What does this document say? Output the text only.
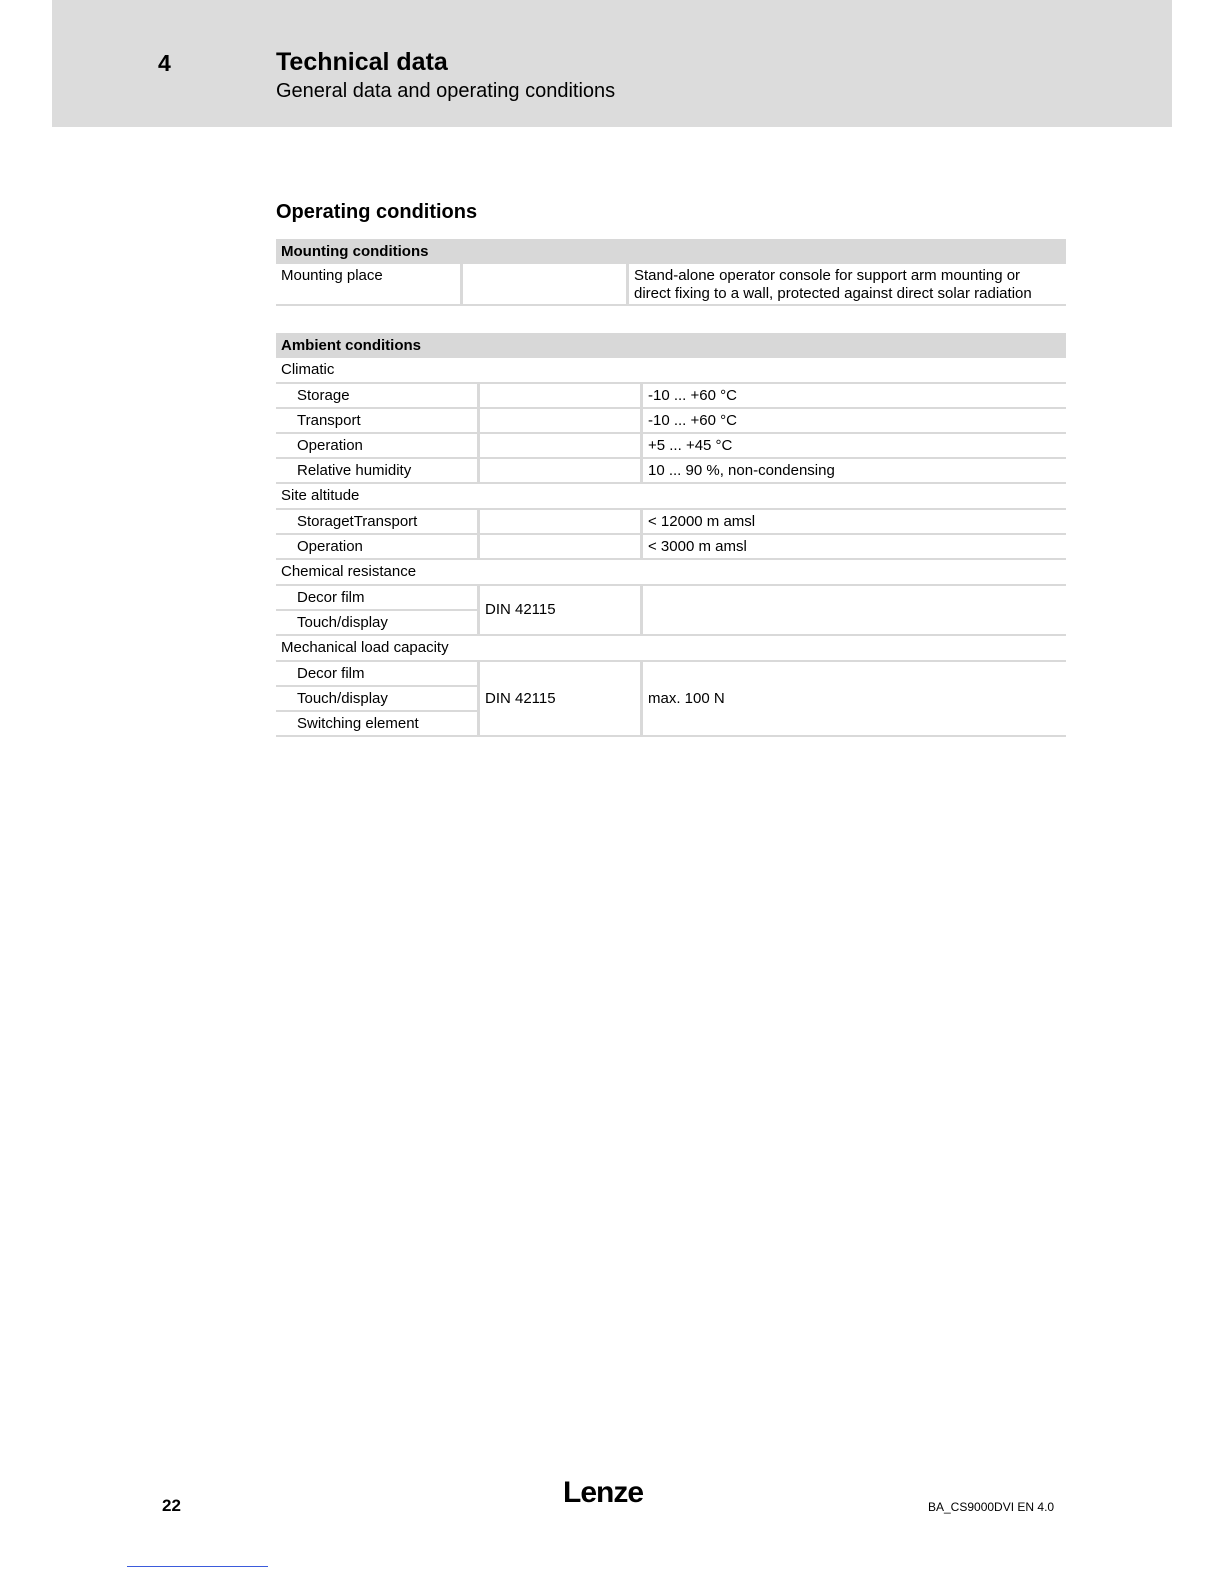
4	Technical data
General data and operating conditions
Operating conditions
Mounting conditions
Mounting place		Stand-alone operator console for support arm mounting or
direct fixing to a wall, protected against direct solar radiation
Ambient conditions		
Climatic		
Storage		-10 ... +60 °C
Transport		-10 ... +60 °C
Operation		+5 ... +45 °C
Relative humidity		10 ... 90 %, non-condensing
Site altitude		
StoragetTransport		< 12000 m amsl
Operation		< 3000 m amsl
Chemical resistance		
Decor film	DIN 42115	
Touch/display		
Mechanical load capacity		
Decor film	DIN 42115	max. 100 N
Touch/display		
Switching element		
22	Lenze	BA_CS9000DVI EN 4.0
